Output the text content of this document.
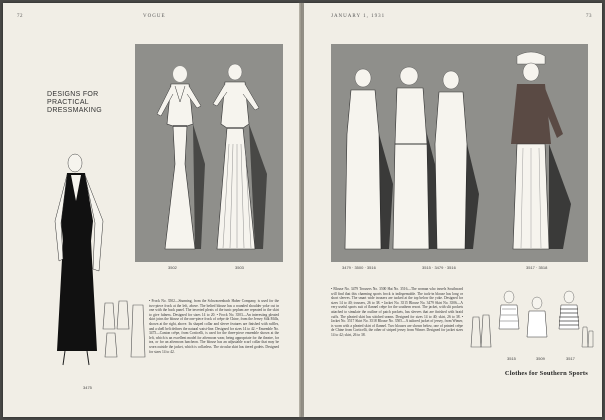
72	VOGUE
DESIGNS FOR
PRACTICAL
DRESSMAKING
3502	3503
3475
• Frock No. 3502—Stunning, from the Schwarzenbach Huber Company, is used for the two-piece frock at the left, above. The belted blouse has a rounded shoulder yoke cut in one with the back panel. The inverted pleats of the tunic peplum are repeated in the skirt to give fulness. Designed for sizes 14 to 20. • Frock No. 3503—An interesting pleated skirt joins the blouse of the one-piece frock of crêpe de Chine, from the Jersey Silk Mills, shown at the right, above. Its shaped collar and sleeve features are finished with ruffles, and a shell belt defines the natural waist-line. Designed for sizes 14 to 42. • Ensemble No. 3475—Canton crêpe, from Corticelli, is used for the three-piece ensemble shown at the left, which is an excellent model for afternoon wear, being appropriate for the theatre, for tea, or for an afternoon luncheon. The blouse has an adjustable scarf collar that may be worn outside the jacket, which is collarless. The circular skirt has tiered godets. Designed for sizes 14 to 42.
JANUARY 1, 1931	73
3479 · 3500 · 3516	3515 · 3479 · 3516	3517 · 3518
• Blouse No. 3479 Trousers No. 3500 Hat No. 3516—The woman who travels Southward will find that this charming sports frock is indispensable. The tuck-in blouse has long or short sleeves. The smart wide trousers are tucked at the top below the yoke. Designed for sizes 14 to 40; trousers, 26 to 38. • Jacket No. 3515 Blouse No. 3479 Skirt No. 3506—A very useful sports suit of flannel crêpe for the southern resort. The jacket, with slit pockets attached to simulate the outline of patch pockets, has sleeves that are finished with braid cuffs. The pleated skirt has stitched seams. Designed for sizes 14 to 40; skirt, 26 to 38. • Jacket No. 3517 Skirt No. 3518 Blouse No. 3505—A tailored jacket of jersey, from Wimer, is worn with a pleated skirt of flannel. Two blouses are shown below, one of printed crêpe de Chine from Corticelli, the other of striped jersey from Wimer. Designed for jacket sizes 14 to 42; skirt, 26 to 38.
3515	3509	3517
Clothes for Southern Sports
